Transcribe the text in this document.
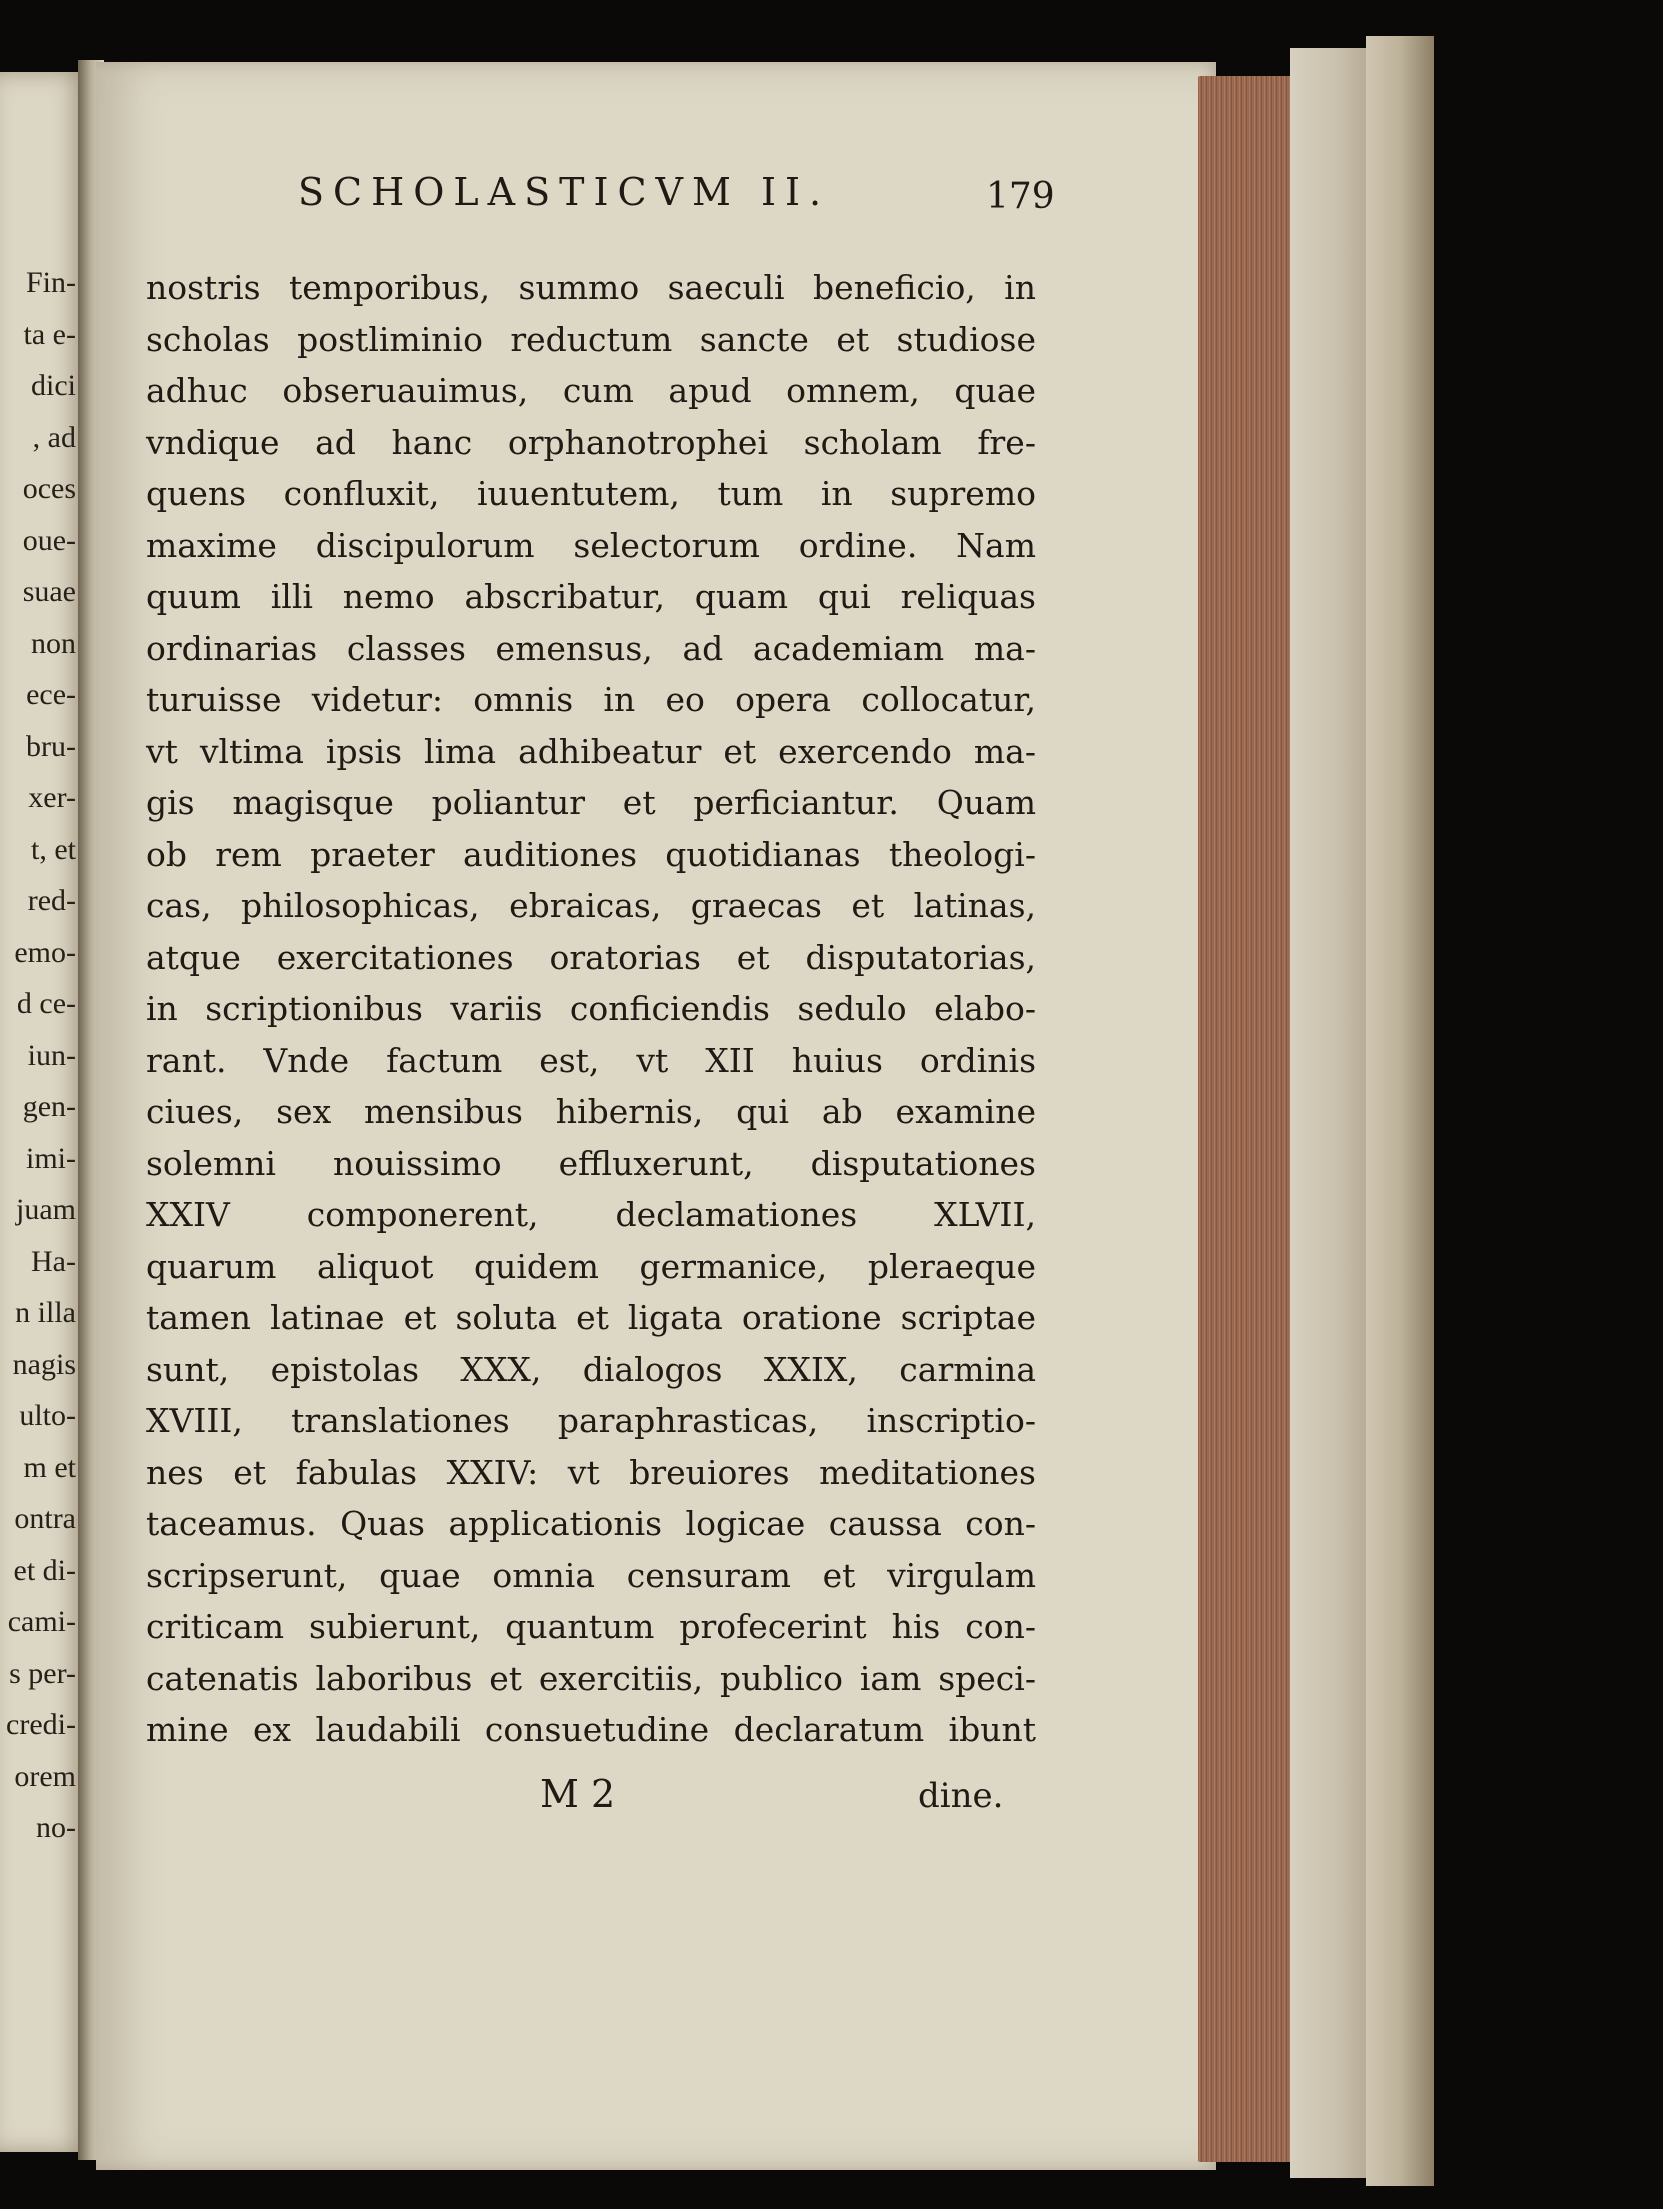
Fin-
ta e-
dici
, ad
oces
oue-
suae
non
ece-
bru-
xer-
t, et
red-
emo-
d ce-
iun-
gen-
imi-
juam
Ha-
n illa
nagis
ulto-
m et
ontra
et di-
cami-
s per-
credi-
orem
no-
SCHOLASTICVM II.	179
nostris temporibus, summo saeculi beneficio, in
scholas postliminio reductum sancte et studiose
adhuc obseruauimus, cum apud omnem, quae
vndique ad hanc orphanotrophei scholam fre-
quens confluxit, iuuentutem, tum in supremo
maxime discipulorum selectorum ordine. Nam
quum illi nemo abscribatur, quam qui reliquas
ordinarias classes emensus, ad academiam ma-
turuisse videtur: omnis in eo opera collocatur,
vt vltima ipsis lima adhibeatur et exercendo ma-
gis magisque poliantur et perficiantur. Quam
ob rem praeter auditiones quotidianas theologi-
cas, philosophicas, ebraicas, graecas et latinas,
atque exercitationes oratorias et disputatorias,
in scriptionibus variis conficiendis sedulo elabo-
rant. Vnde factum est, vt XII huius ordinis
ciues, sex mensibus hibernis, qui ab examine
solemni nouissimo effluxerunt, disputationes
XXIV componerent, declamationes XLVII,
quarum aliquot quidem germanice, pleraeque
tamen latinae et soluta et ligata oratione scriptae
sunt, epistolas XXX, dialogos XXIX, carmina
XVIII, translationes paraphrasticas, inscriptio-
nes et fabulas XXIV: vt breuiores meditationes
taceamus. Quas applicationis logicae caussa con-
scripserunt, quae omnia censuram et virgulam
criticam subierunt, quantum profecerint his con-
catenatis laboribus et exercitiis, publico iam speci-
mine ex laudabili consuetudine declaratum ibunt
M 2	dine.
